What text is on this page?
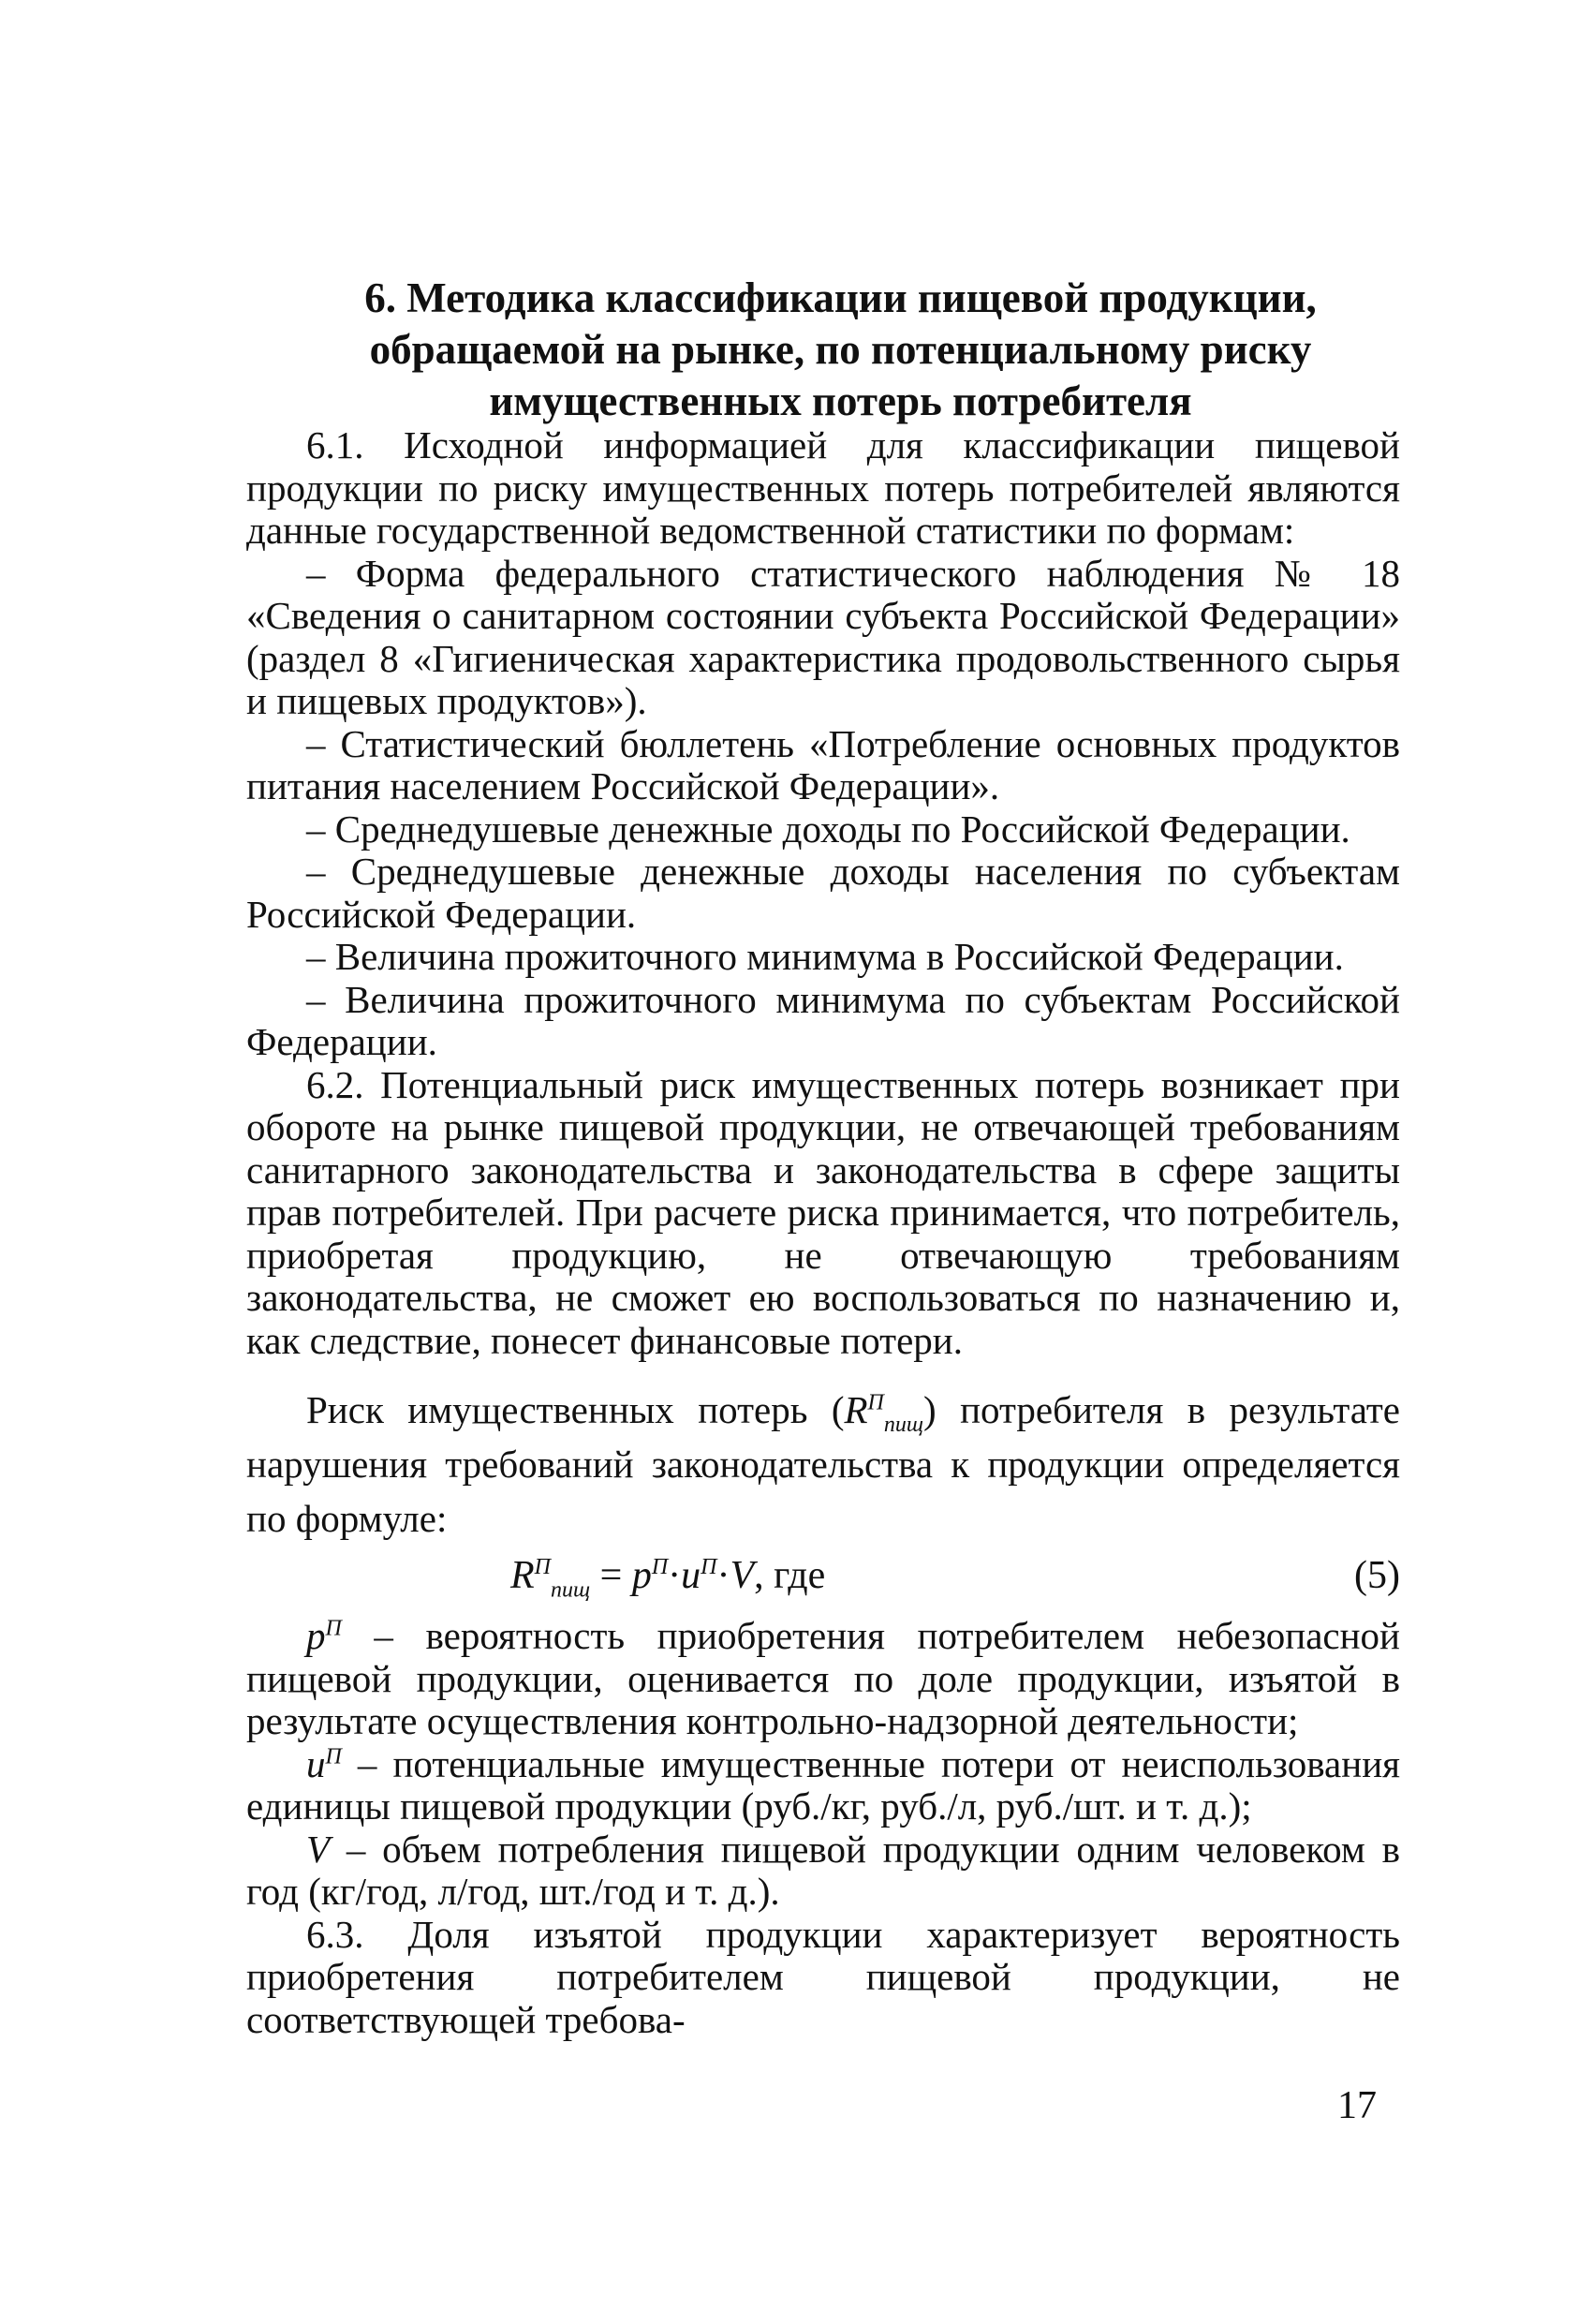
6. Методика классификации пищевой продукции,
обращаемой на рынке, по потенциальному риску
имущественных потерь потребителя

6.1. Исходной информацией для классификации пищевой продукции по риску имущественных потерь потребителей являются данные государственной ведомственной статистики по формам:

– Форма федерального статистического наблюдения № 18 «Сведения о санитарном состоянии субъекта Российской Федерации» (раздел 8 «Гигиеническая характеристика продовольственного сырья и пищевых продуктов»).

– Статистический бюллетень «Потребление основных продуктов питания населением Российской Федерации».

– Среднедушевые денежные доходы по Российской Федерации.

– Среднедушевые денежные доходы населения по субъектам Российской Федерации.

– Величина прожиточного минимума в Российской Федерации.

– Величина прожиточного минимума по субъектам Российской Федерации.

6.2. Потенциальный риск имущественных потерь возникает при обороте на рынке пищевой продукции, не отвечающей требованиям санитарного законодательства и законодательства в сфере защиты прав потребителей. При расчете риска принимается, что потребитель, приобретая продукцию, не отвечающую требованиям законодательства, не сможет ею воспользоваться по назначению и, как следствие, понесет финансовые потери.

Риск имущественных потерь $(R^П_{пищ})$ потребителя в результате нарушения требований законодательства к продукции определяется по формуле:

$R^П_{пищ} = p^П\cdot u^П\cdot V$, где	(5)

$p^П$ – вероятность приобретения потребителем небезопасной пищевой продукции, оценивается по доле продукции, изъятой в результате осуществления контрольно-надзорной деятельности;

$u^П$ – потенциальные имущественные потери от неиспользования единицы пищевой продукции (руб./кг, руб./л, руб./шт. и т. д.);

V – объем потребления пищевой продукции одним человеком в год (кг/год, л/год, шт./год и т. д.).

6.3. Доля изъятой продукции характеризует вероятность приобретения потребителем пищевой продукции, не соответствующей требова-

17
